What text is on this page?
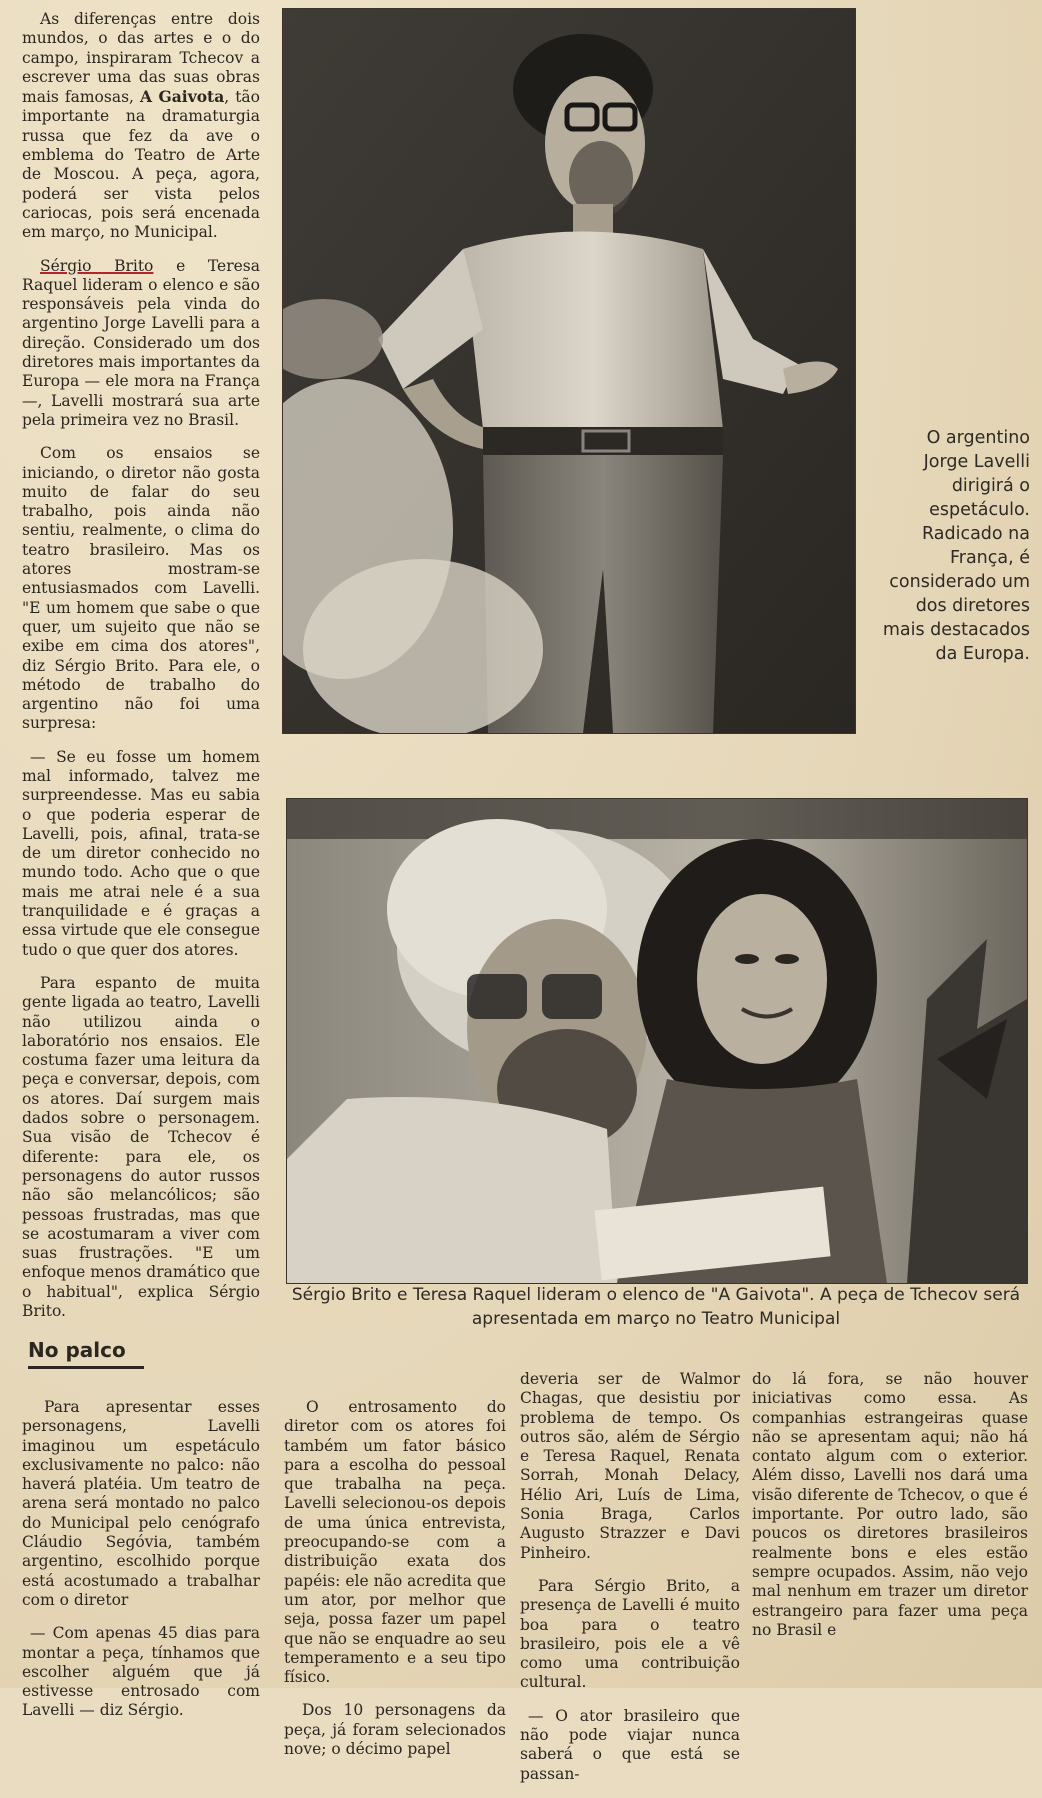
As diferenças entre dois mundos, o das artes e o do campo, inspiraram Tchecov a escrever uma das suas obras mais famosas, A Gaivota, tão importante na dramaturgia russa que fez da ave o emblema do Teatro de Arte de Moscou. A peça, agora, poderá ser vista pelos cariocas, pois será encenada em março, no Municipal.

Sérgio Brito e Teresa Raquel lideram o elenco e são responsáveis pela vinda do argentino Jorge Lavelli para a direção. Considerado um dos diretores mais importantes da Europa — ele mora na França —, Lavelli mostrará sua arte pela primeira vez no Brasil.

Com os ensaios se iniciando, o diretor não gosta muito de falar do seu trabalho, pois ainda não sentiu, realmente, o clima do teatro brasileiro. Mas os atores mostram-se entusiasmados com Lavelli. "E um homem que sabe o que quer, um sujeito que não se exibe em cima dos atores", diz Sérgio Brito. Para ele, o método de trabalho do argentino não foi uma surpresa:

— Se eu fosse um homem mal informado, talvez me surpreendesse. Mas eu sabia o que poderia esperar de Lavelli, pois, afinal, trata-se de um diretor conhecido no mundo todo. Acho que o que mais me atrai nele é a sua tranquilidade e é graças a essa virtude que ele consegue tudo o que quer dos atores.

Para espanto de muita gente ligada ao teatro, Lavelli não utilizou ainda o laboratório nos ensaios. Ele costuma fazer uma leitura da peça e conversar, depois, com os atores. Daí surgem mais dados sobre o personagem. Sua visão de Tchecov é diferente: para ele, os personagens do autor russos não são melancólicos; são pessoas frustradas, mas que se acostumaram a viver com suas frustrações. "E um enfoque menos dramático que o habitual", explica Sérgio Brito.

O argentino Jorge Lavelli dirigirá o espetáculo. Radicado na França, é considerado um dos diretores mais destacados da Europa.
Sérgio Brito e Teresa Raquel lideram o elenco de "A Gaivota". A peça de Tchecov será apresentada em março no Teatro Municipal
No palco

Para apresentar esses personagens, Lavelli imaginou um espetáculo exclusivamente no palco: não haverá platéia. Um teatro de arena será montado no palco do Municipal pelo cenógrafo Cláudio Segóvia, também argentino, escolhido porque está acostumado a trabalhar com o diretor

— Com apenas 45 dias para montar a peça, tínhamos que escolher alguém que já estivesse entrosado com Lavelli — diz Sérgio.

O entrosamento do diretor com os atores foi também um fator básico para a escolha do pessoal que trabalha na peça. Lavelli selecionou-os depois de uma única entrevista, preocupando-se com a distribuição exata dos papéis: ele não acredita que um ator, por melhor que seja, possa fazer um papel que não se enquadre ao seu temperamento e a seu tipo físico.

Dos 10 personagens da peça, já foram selecionados nove; o décimo papel

deveria ser de Walmor Chagas, que desistiu por problema de tempo. Os outros são, além de Sérgio e Teresa Raquel, Renata Sorrah, Monah Delacy, Hélio Ari, Luís de Lima, Sonia Braga, Carlos Augusto Strazzer e Davi Pinheiro.

Para Sérgio Brito, a presença de Lavelli é muito boa para o teatro brasileiro, pois ele a vê como uma contribuição cultural.

— O ator brasileiro que não pode viajar nunca saberá o que está se passan-

do lá fora, se não houver iniciativas como essa. As companhias estrangeiras quase não se apresentam aqui; não há contato algum com o exterior. Além disso, Lavelli nos dará uma visão diferente de Tchecov, o que é importante. Por outro lado, são poucos os diretores brasileiros realmente bons e eles estão sempre ocupados. Assim, não vejo mal nenhum em trazer um diretor estrangeiro para fazer uma peça no Brasil e
